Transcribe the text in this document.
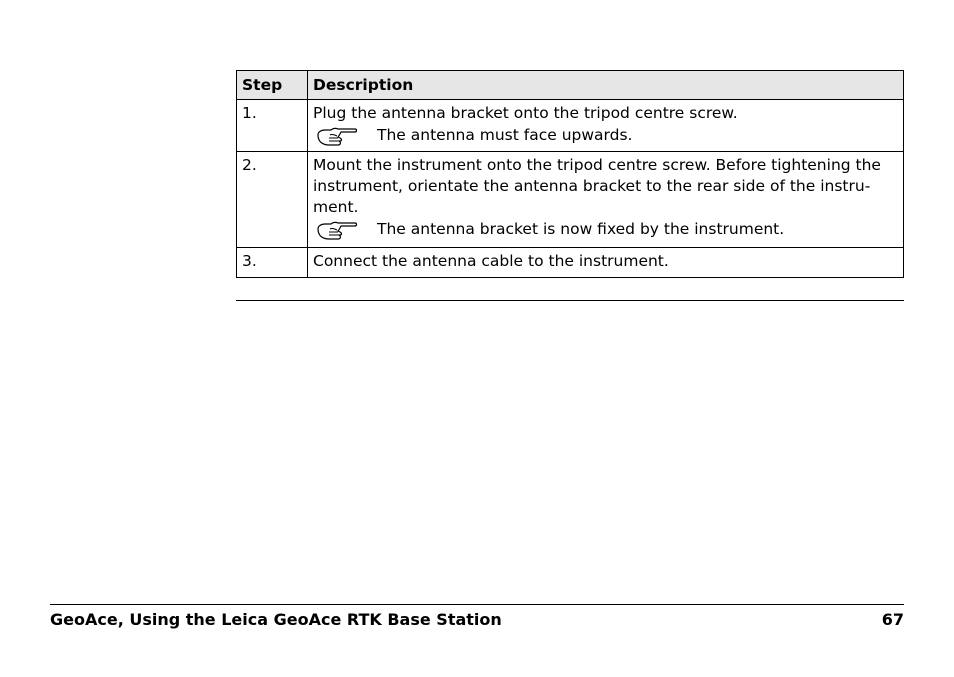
Step	Description
1.	Plug the antenna bracket onto the tripod centre screw.
The antenna must face upwards.

2.	Mount the instrument onto the tripod centre screw. Before tightening the instrument, orientate the antenna bracket to the rear side of the instru-ment.
The antenna bracket is now fixed by the instrument.

3.	Connect the antenna cable to the instrument.
GeoAce, Using the Leica GeoAce RTK Base Station	67
